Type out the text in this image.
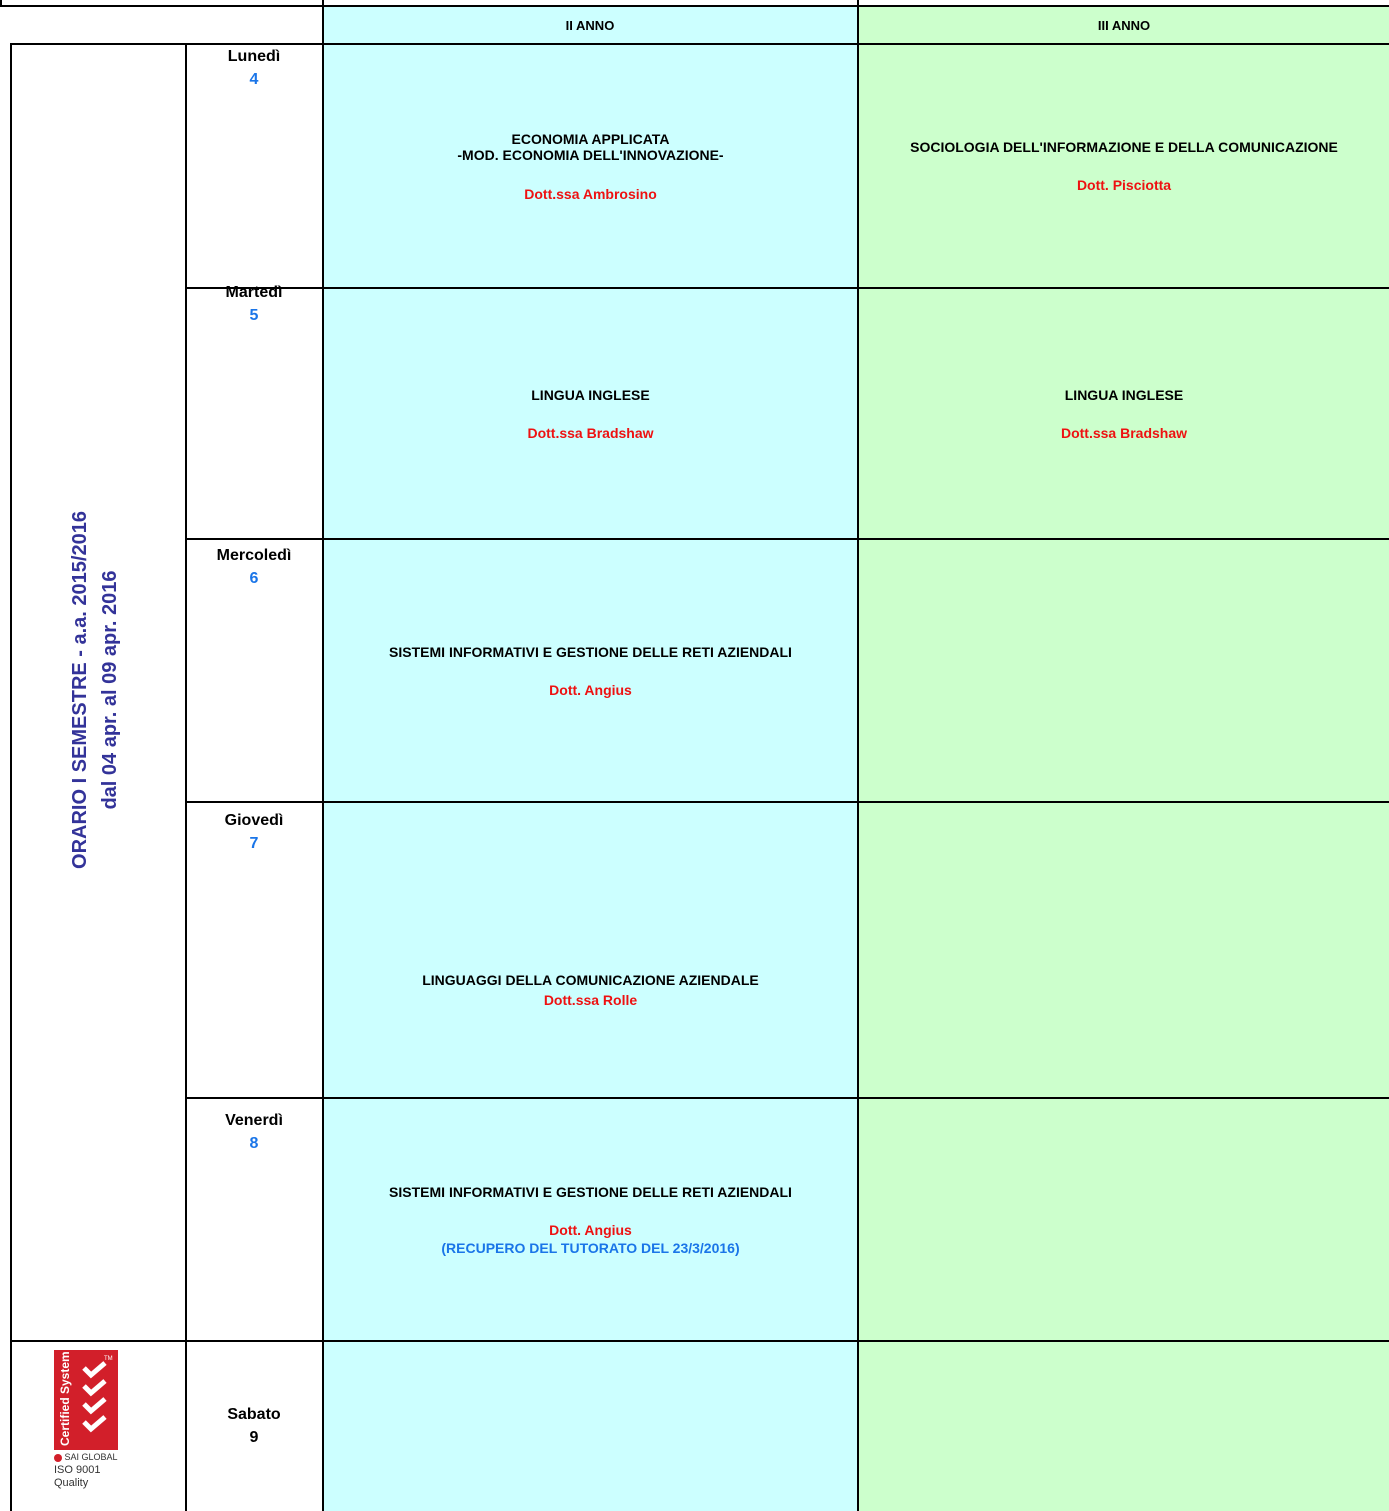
II ANNO	III ANNO
ORARIO I SEMESTRE - a.a. 2015/2016 dal 04 apr. al 09 apr. 2016
Lunedì
4
Martedì
5
Mercoledì
6
Giovedì
7
Venerdì
8
Sabato
9
ECONOMIA APPLICATA
-MOD. ECONOMIA DELL'INNOVAZIONE-
Dott.ssa Ambrosino
SOCIOLOGIA DELL'INFORMAZIONE E DELLA COMUNICAZIONE
Dott. Pisciotta
LINGUA INGLESE
Dott.ssa Bradshaw
LINGUA INGLESE
Dott.ssa Bradshaw
SISTEMI INFORMATIVI E GESTIONE DELLE RETI AZIENDALI
Dott. Angius
LINGUAGGI DELLA COMUNICAZIONE AZIENDALE
Dott.ssa Rolle
SISTEMI INFORMATIVI E GESTIONE DELLE RETI AZIENDALI
Dott. Angius
(RECUPERO DEL TUTORATO DEL 23/3/2016)
Certified System	TM
SAI GLOBAL
ISO 9001
Quality
